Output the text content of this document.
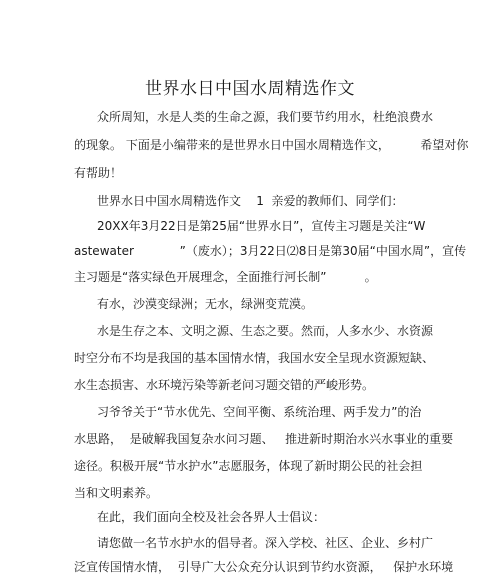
世界水日中国水周精选作文
众所周知，水是人类的生命之源，我们要节约用水，杜绝浪费水
的现象。 下面是小编带来的是世界水日中国水周精选作文，        希望对你
有帮助！
世界水日中国水周精选作文    1  亲爱的教师们、同学们：
20XX年3月22日是第25届“世界水日”，宣传主习题是关注“W
astewater            ”（废水）；3月22日⑵8日是第30届“中国水周”，宣传
主习题是“落实绿色开展理念，全面推行河长制”          。
有水，沙漠变绿洲；无水，绿洲变荒漠。
水是生存之本、文明之源、生态之要。然而，人多水少、水资源
时空分布不均是我国的基本国情水情，我国水安全呈现水资源短缺、
水生态损害、水环境污染等新老问习题交错的严峻形势。
习爷爷关于“节水优先、空间平衡、系统治理、两手发力”的治
水思路，  是破解我国复杂水问习题、   推进新时期治水兴水事业的重要
途径。积极开展“节水护水”志愿服务，体现了新时期公民的社会担
当和文明素养。
在此，我们面向全校及社会各界人士倡议：
请您做一名节水护水的倡导者。深入学校、社区、企业、乡村广
泛宣传国情水情，  引导广大公众充分认识到节约水资源，   保护水环境
